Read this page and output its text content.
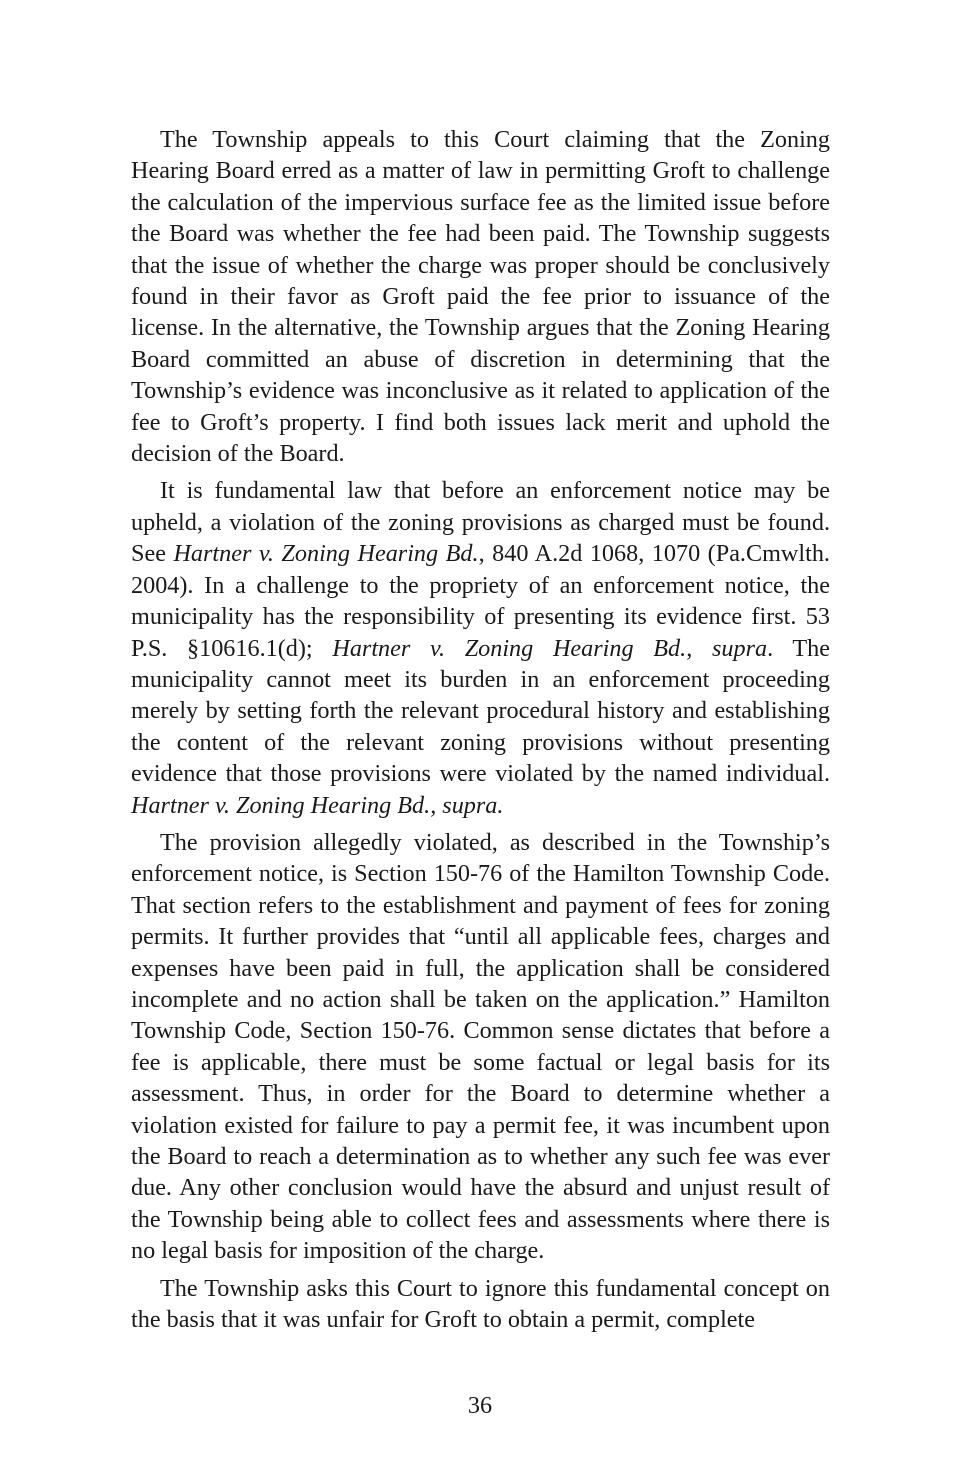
The Township appeals to this Court claiming that the Zoning Hearing Board erred as a matter of law in permitting Groft to challenge the calculation of the impervious surface fee as the limited issue before the Board was whether the fee had been paid. The Township suggests that the issue of whether the charge was proper should be conclusively found in their favor as Groft paid the fee prior to issuance of the license. In the alternative, the Township argues that the Zoning Hearing Board committed an abuse of discretion in determining that the Township’s evidence was inconclusive as it related to application of the fee to Groft’s property. I find both issues lack merit and uphold the decision of the Board.

It is fundamental law that before an enforcement notice may be upheld, a violation of the zoning provisions as charged must be found. See Hartner v. Zoning Hearing Bd., 840 A.2d 1068, 1070 (Pa.Cmwlth. 2004). In a challenge to the propriety of an enforcement notice, the municipality has the responsibility of presenting its evidence first. 53 P.S. §10616.1(d); Hartner v. Zoning Hearing Bd., supra. The municipality cannot meet its burden in an enforcement proceeding merely by setting forth the relevant procedural history and establishing the content of the relevant zoning provisions without presenting evidence that those provisions were violated by the named individual. Hartner v. Zoning Hearing Bd., supra.

The provision allegedly violated, as described in the Township’s enforcement notice, is Section 150-76 of the Hamilton Township Code. That section refers to the establishment and payment of fees for zoning permits. It further provides that “until all applicable fees, charges and expenses have been paid in full, the application shall be considered incomplete and no action shall be taken on the application.” Hamilton Township Code, Section 150-76. Common sense dictates that before a fee is applicable, there must be some factual or legal basis for its assessment. Thus, in order for the Board to determine whether a violation existed for failure to pay a permit fee, it was incumbent upon the Board to reach a determination as to whether any such fee was ever due. Any other conclusion would have the absurd and unjust result of the Township being able to collect fees and assessments where there is no legal basis for imposition of the charge.

The Township asks this Court to ignore this fundamental concept on the basis that it was unfair for Groft to obtain a permit, complete

36
